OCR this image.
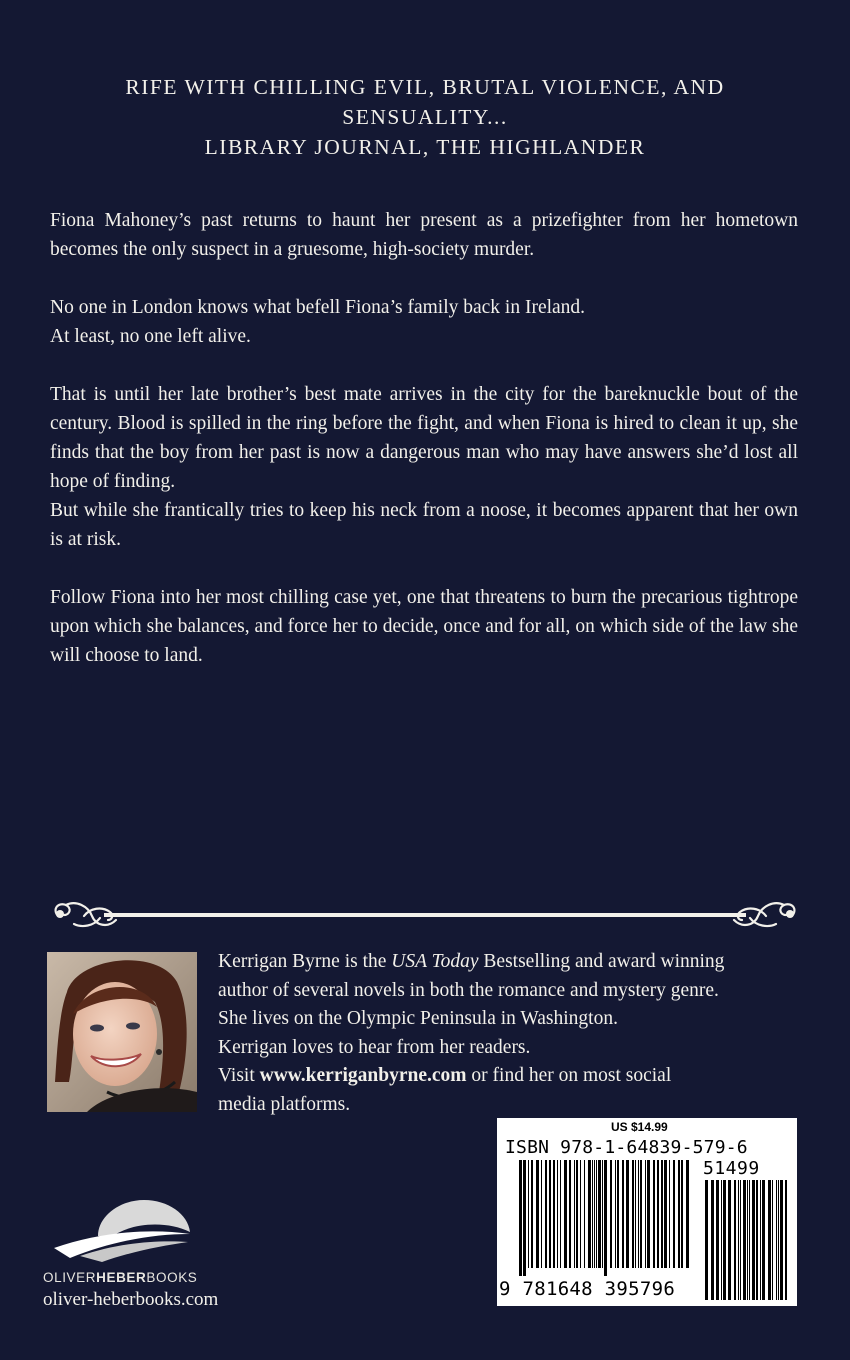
RIFE WITH CHILLING EVIL, BRUTAL VIOLENCE, AND
SENSUALITY...
LIBRARY JOURNAL, THE HIGHLANDER

Fiona Mahoney’s past returns to haunt her present as a prizefighter from her hometown becomes the only suspect in a gruesome, high-society murder.

No one in London knows what befell Fiona’s family back in Ireland.
At least, no one left alive.

That is until her late brother’s best mate arrives in the city for the bareknuckle bout of the century. Blood is spilled in the ring before the fight, and when Fiona is hired to clean it up, she finds that the boy from her past is now a dangerous man who may have answers she’d lost all hope of finding.

But while she frantically tries to keep his neck from a noose, it becomes apparent that her own is at risk.

Follow Fiona into her most chilling case yet, one that threatens to burn the precarious tightrope upon which she balances, and force her to decide, once and for all, on which side of the law she will choose to land.

Kerrigan Byrne is the USA Today Bestselling and award winning
author of several novels in both the romance and mystery genre.
She lives on the Olympic Peninsula in Washington.
Kerrigan loves to hear from her readers.
Visit www.kerriganbyrne.com or find her on most social
media platforms.
OLIVERHEBERBOOKS
oliver-heberbooks.com
US $14.99
ISBN 978-1-64839-579-6
51499
9 781648 395796
